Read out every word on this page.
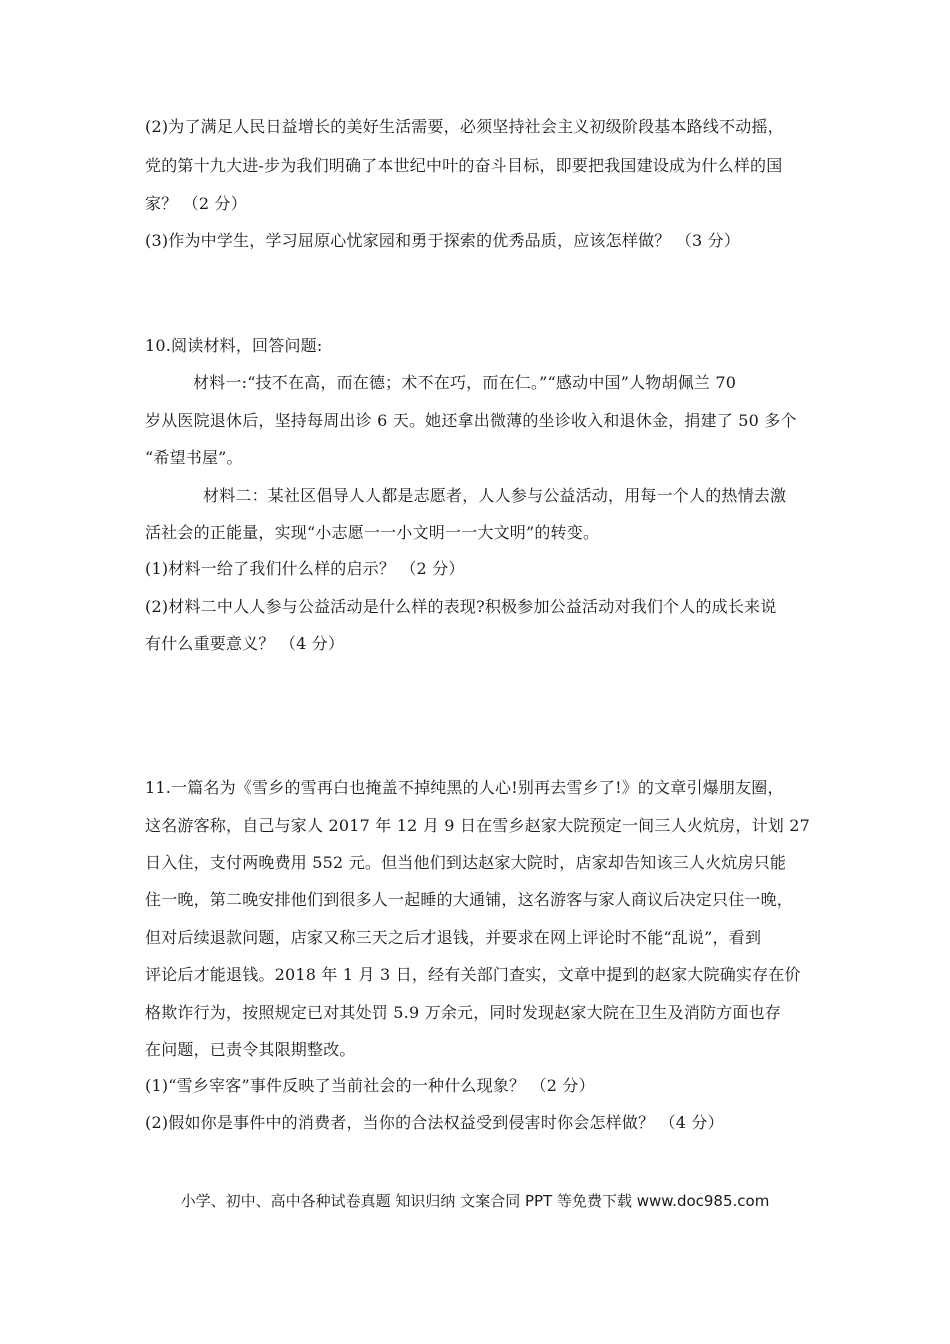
(2)为了满足人民日益增长的美好生活需要，必须坚持社会主义初级阶段基本路线不动摇，
党的第十九大进-步为我们明确了本世纪中叶的奋斗目标，即要把我国建设成为什么样的国
家？ （2 分）
(3)作为中学生，学习屈原心忧家园和勇于探索的优秀品质，应该怎样做？ （3 分）
10.阅读材料，回答问题:
材料一:“技不在高，而在德；术不在巧，而在仁。”“感动中国”人物胡佩兰 70
岁从医院退休后，坚持每周出诊 6 天。她还拿出微薄的坐诊收入和退休金，捐建了 50 多个
“希望书屋”。
材料二：某社区倡导人人都是志愿者，人人参与公益活动，用每一个人的热情去激
活社会的正能量，实现“小志愿一一小文明一一大文明”的转变。
(1)材料一给了我们什么样的启示？ （2 分）
(2)材料二中人人参与公益活动是什么样的表现?积极参加公益活动对我们个人的成长来说
有什么重要意义？ （4 分）
11.一篇名为《雪乡的雪再白也掩盖不掉纯黑的人心!别再去雪乡了!》的文章引爆朋友圈，
这名游客称，自己与家人 2017 年 12 月 9 日在雪乡赵家大院预定一间三人火炕房，计划 27
日入住，支付两晚费用 552 元。但当他们到达赵家大院时，店家却告知该三人火炕房只能
住一晚，第二晚安排他们到很多人一起睡的大通铺，这名游客与家人商议后决定只住一晚，
但对后续退款问题，店家又称三天之后才退钱，并要求在网上评论时不能“乱说”，看到
评论后才能退钱。2018 年 1 月 3 日，经有关部门查实，文章中提到的赵家大院确实存在价
格欺诈行为，按照规定已对其处罚 5.9 万余元，同时发现赵家大院在卫生及消防方面也存
在问题，已责令其限期整改。
(1)“雪乡宰客”事件反映了当前社会的一种什么现象？ （2 分）
(2)假如你是事件中的消费者，当你的合法权益受到侵害时你会怎样做？ （4 分）
小学、初中、高中各种试卷真题 知识归纳 文案合同 PPT 等免费下载 www.doc985.com
